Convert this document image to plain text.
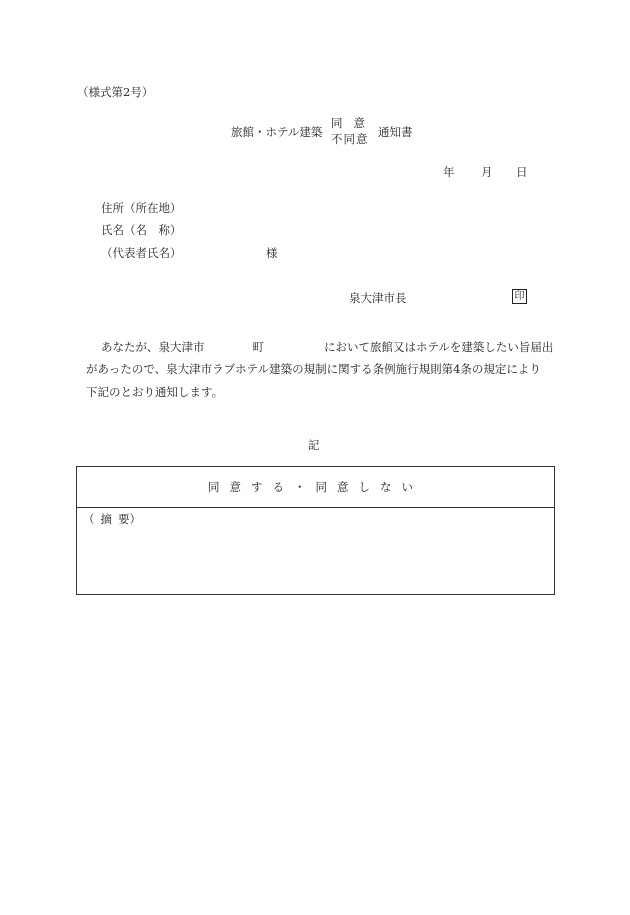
（様式第2号）
旅館・ホテル建築
同意
不同意 通知書
年 月 日
住所（所在地）
氏名（名　称）
（代表者氏名）	様
泉大津市長	印
あなたが、泉大津市	町	において旅館又はホテルを建築したい旨届出
があったので、泉大津市ラブホテル建築の規制に関する条例施行規則第4条の規定により
下記のとおり通知します。
記
同意する・同意しない
（摘要）
